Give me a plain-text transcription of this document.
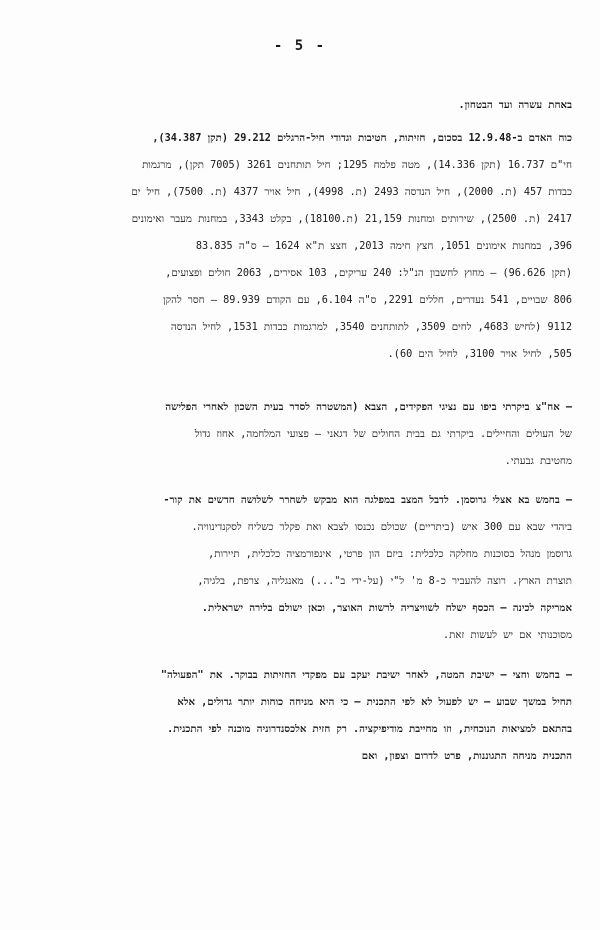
- 5 -
באחת עשרה ועד הבטחון.
כוח האדם ב-12.9.48 בסכום, חזיתות, חטיבות וגדודי חיל-הרגלים 29.212 (תקן 34.387),
חי"ם 16.737 (תקן 14.336), מטה פלמח 1295; חיל תותחנים 3261 (7005 תקן), מרגמות
כבדות 457 (ת. 2000), חיל הנדסה 2493 (ת. 4998), חיל אויר 4377 (ת. 7500), חיל ים
2417 (ת. 2500), שירותים ומחנות 21,159 (ת.18100), בקלט 3343, במחנות מעבר ואימונים
396, במחנות אימונים 1051, חצץ חימה 2013, חצצ ת"א 1624 – ס"ה 83.835
(תקן 96.626) – מחוץ לחשבון הנ"ל: 240 עריקים, 103 אסירים, 2063 חולים ופצועים,
806 שבויים, 541 נעדרים, חללים 2291, ס"ה 6.104, עם הקודם 89.939 – חסר להקן
9112 (לחיש 4683, לחים 3509, לתותחנים 3540, למרגמות כבדות 1531, לחיל הנדסה
505, לחיל אויר 3100, לחיל הים 60).
– אח"צ ביקרתי ביפו עם נציגי הפקידים, הצבא (המשטרה לסדר בעית השכון לאחרי הפלישה
של העולים והחיילים. ביקרתי גם בבית החולים של דגאני – פצועי המלחמה, אחוז גדול
מחטיבת גבעתי.
– בחמש בא אצלי גרוסמן. לדבל המצב במפלגה הוא מבקש לשחרר לשלושה חדשים את קור-
ביהדי שבא עם 300 איש (ביתריים) שכולם נכנסו לצבא ואת פקלר כשליח לסקנדינוויה.
גרוסמן מנהל בסוכנות מחלקה כלכלית: ביזם הון פרטי, אינפורמציה כלכלית, תיירות,
תוצרת הארץ. רוצה להעביר כ-8 מ' ל"י (על-ידי ב"...) מאנגליה, צרפת, בלגיה,
אמריקה לכינה – הכסף ישלח לשוויצריה לרשות האוצר, וכאן ישולם בלירה ישראלית.
מסוכנותי אם יש לעשות זאת.
– בחמש וחצי – ישיבת המטה, לאחר ישיבת יעקב עם מפקדי החזיתות בבוקר. את "הפעולה"
תחיל במשך שבוע – יש לפעול לא לפי התכנית – כי היא מניחה כוחות יותר גדולים, אלא
בהתאם למציאות הנוכחית, וזו מחייבת מודיפיקציה. רק חזית אלכסנדרוניה מוכנה לפי התכנית.
התכנית מניחה התגוננות, פרט לדרום וצפון, ואם
